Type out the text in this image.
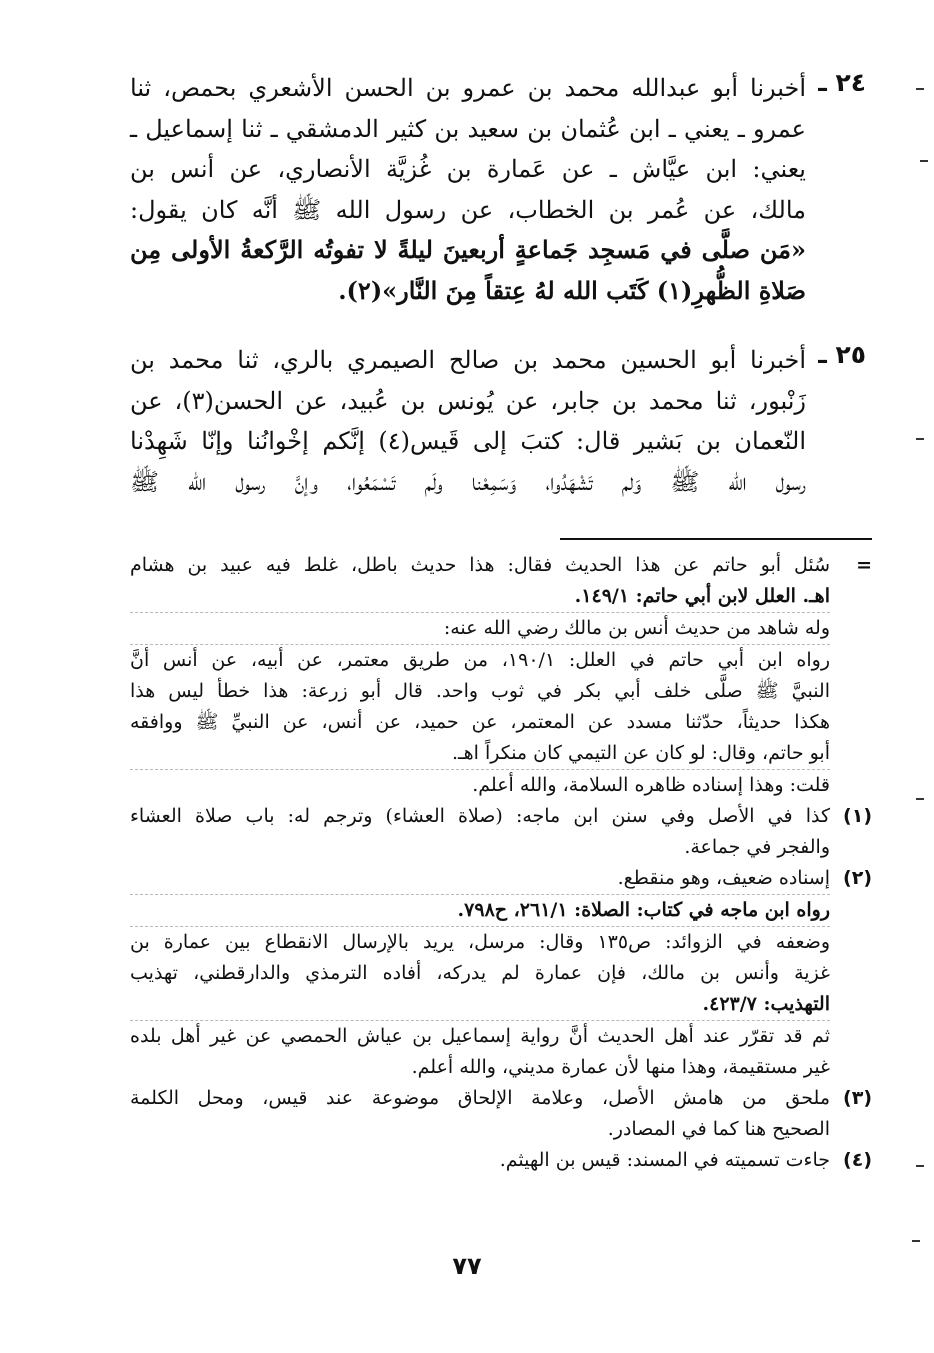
٢٤ ـ
أخبرنا أبو عبدالله محمد بن عمرو بن الحسن الأشعري بحمص، ثنا
عمرو ـ يعني ـ ابن عُثمان بن سعيد بن كثير الدمشقي ـ ثنا إسماعيل ـ
يعني: ابن عيَّاش ـ عن عَمارة بن غُزيَّة الأنصاري، عن أنس بن
مالك، عن عُمر بن الخطاب، عن رسول الله ﷺ أنَّه كان يقول:
«مَن صلَّى في مَسجِد جَماعةٍ أربعينَ ليلةً لا تفوتُه الرَّكعةُ الأولى مِن
صَلاةِ الظُّهرِ(١) كَتَب الله لهُ عِتقاً مِنَ النَّار»(٢).
٢٥ ـ
أخبرنا أبو الحسين محمد بن صالح الصيمري بالري، ثنا محمد بن
زَنْبور، ثنا محمد بن جابر، عن يُونس بن عُبيد، عن الحسن(٣)، عن
النّعمان بن بَشير قال: كتبَ إلى قَيس(٤) إنَّكم إخْوانُنا وإنّا شَهِدْنا
رسول الله ﷺ وَلم تَشْهَدُوا، وَسَمِعْنا ولَم تَسْمَعُوا، وإنَّ رسول الله ﷺ
=
سُئل أبو حاتم عن هذا الحديث فقال: هذا حديث باطل، غلط فيه عبيد بن هشام
اهـ. العلل لابن أبي حاتم: ١٤٩/١.
وله شاهد من حديث أنس بن مالك رضي الله عنه:
رواه ابن أبي حاتم في العلل: ١٩٠/١، من طريق معتمر، عن أبيه، عن أنس أنَّ
النبيَّ ﷺ صلَّى خلف أبي بكر في ثوب واحد. قال أبو زرعة: هذا خطأ ليس هذا
هكذا حديثاً، حدّثنا مسدد عن المعتمر، عن حميد، عن أنس، عن النبيِّ ﷺ ووافقه
أبو حاتم، وقال: لو كان عن التيمي كان منكراً اهـ.
قلت: وهذا إسناده ظاهره السلامة، والله أعلم.
(١)
كذا في الأصل وفي سنن ابن ماجه: (صلاة العشاء) وترجم له: باب صلاة العشاء
والفجر في جماعة.
(٢)
إسناده ضعيف، وهو منقطع.
رواه ابن ماجه في كتاب: الصلاة: ٢٦١/١، ح٧٩٨.
وضعفه في الزوائد: ص١٣٥ وقال: مرسل، يريد بالإرسال الانقطاع بين عمارة بن
غزية وأنس بن مالك، فإن عمارة لم يدركه، أفاده الترمذي والدارقطني، تهذيب
التهذيب: ٤٢٣/٧.
ثم قد تقرّر عند أهل الحديث أنَّ رواية إسماعيل بن عياش الحمصي عن غير أهل بلده
غير مستقيمة، وهذا منها لأن عمارة مديني، والله أعلم.
(٣)
ملحق من هامش الأصل، وعلامة الإلحاق موضوعة عند قيس، ومحل الكلمة
الصحيح هنا كما في المصادر.
(٤)
جاءت تسميته في المسند: قيس بن الهيثم.
٧٧
